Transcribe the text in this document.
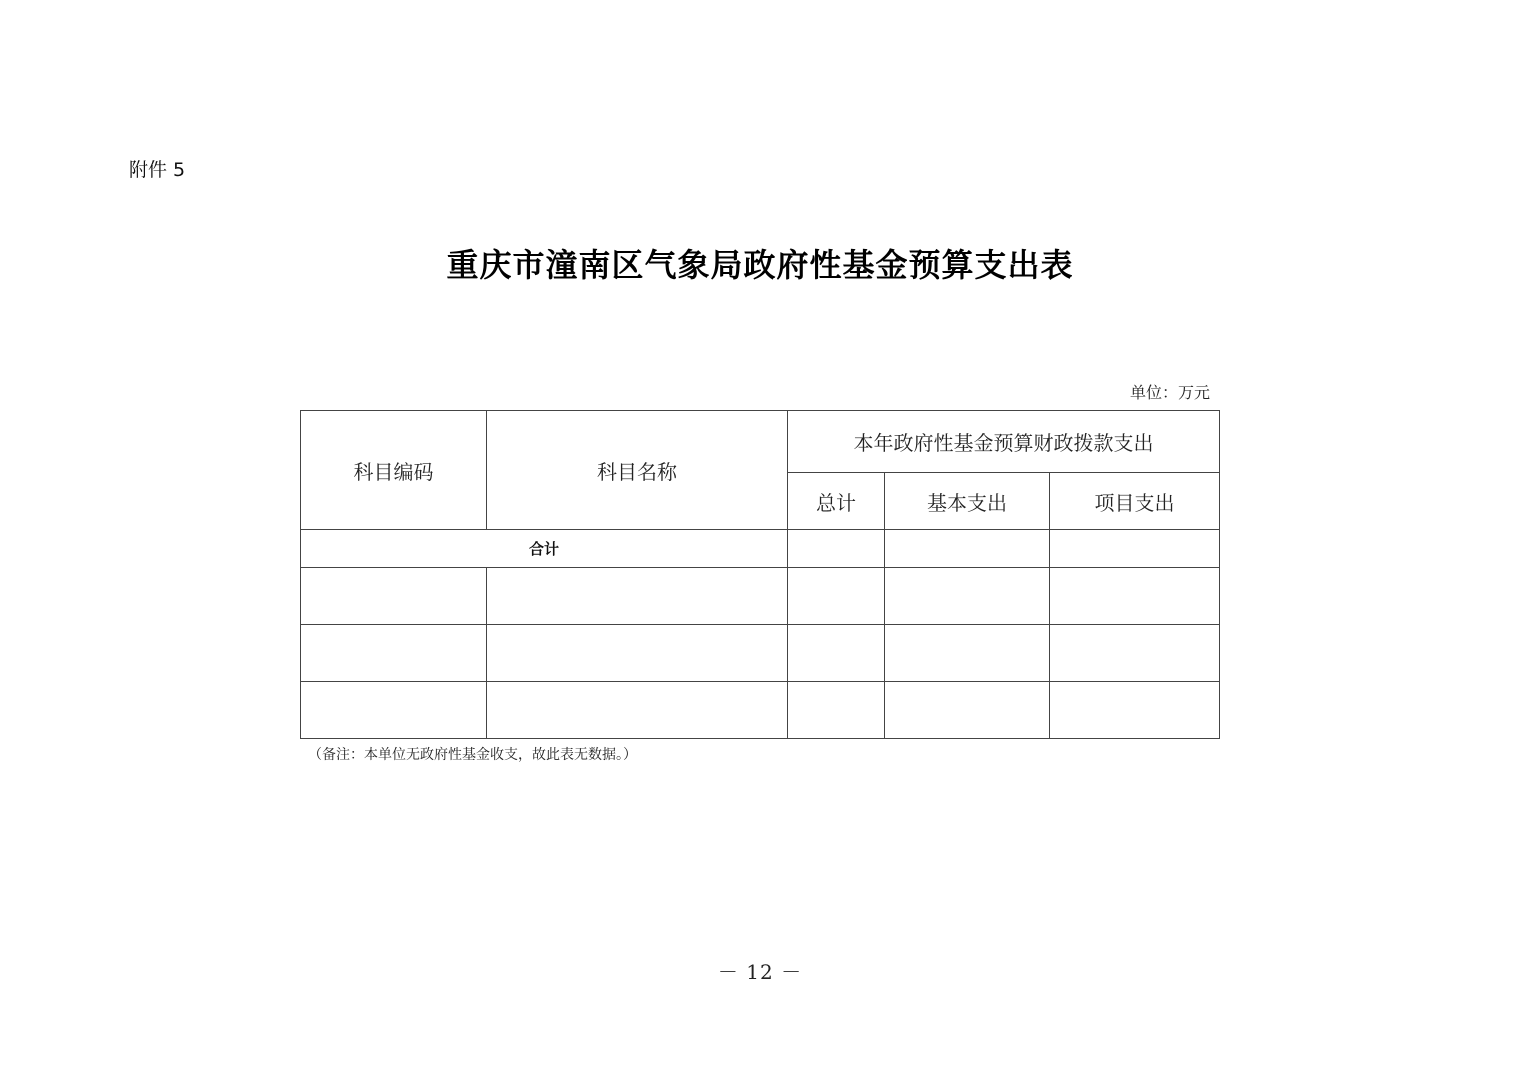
附件 5
重庆市潼南区气象局政府性基金预算支出表
单位：万元
科目编码	科目名称	本年政府性基金预算财政拨款支出		
		总计	基本支出	项目支出
合计				

（备注：本单位无政府性基金收支，故此表无数据。）
－ 12 －
